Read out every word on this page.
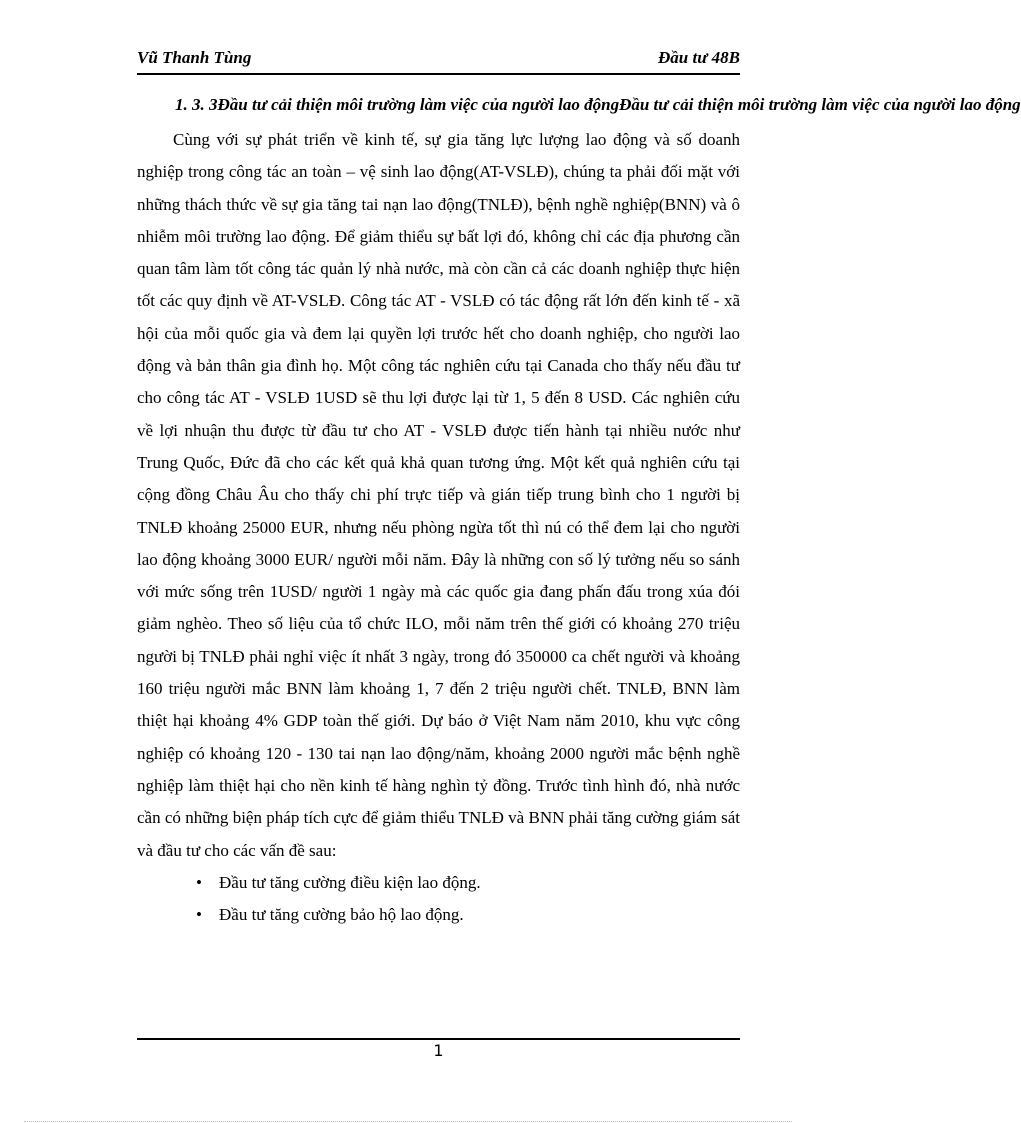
Vũ Thanh Tùng	Đầu tư 48B
1. 3. 3Đầu tư cải thiện môi trường làm việc của người lao độngĐầu tư cải thiện môi trường làm việc của người lao động

Cùng với sự phát triển về kinh tế, sự gia tăng lực lượng lao động và số doanh nghiệp trong công tác an toàn – vệ sinh lao động(AT-VSLĐ), chúng ta phải đối mặt với những thách thức về sự gia tăng tai nạn lao động(TNLĐ), bệnh nghề nghiệp(BNN) và ô nhiễm môi trường lao động. Để giảm thiểu sự bất lợi đó, không chỉ các địa phương cần quan tâm làm tốt công tác quản lý nhà nước, mà còn cần cả các doanh nghiệp thực hiện tốt các quy định về AT-VSLĐ. Công tác AT - VSLĐ có tác động rất lớn đến kinh tế - xã hội của mỗi quốc gia và đem lại quyền lợi trước hết cho doanh nghiệp, cho người lao động và bản thân gia đình họ. Một công tác nghiên cứu tại Canada cho thấy nếu đầu tư cho công tác AT - VSLĐ 1USD sẽ thu lợi được lại từ 1, 5 đến 8 USD. Các nghiên cứu về lợi nhuận thu được từ đầu tư cho AT - VSLĐ được tiến hành tại nhiều nước như Trung Quốc, Đức đã cho các kết quả khả quan tương ứng. Một kết quả nghiên cứu tại cộng đồng Châu Âu cho thấy chi phí trực tiếp và gián tiếp trung bình cho 1 người bị TNLĐ khoảng 25000 EUR, nhưng nếu phòng ngừa tốt thì nú có thể đem lại cho người lao động khoảng 3000 EUR/ người mỗi năm. Đây là những con số lý tưởng nếu so sánh với mức sống trên 1USD/ người 1 ngày mà các quốc gia đang phấn đấu trong xúa đói giảm nghèo. Theo số liệu của tổ chức ILO, mỗi năm trên thế giới có khoảng 270 triệu người bị TNLĐ phải nghỉ việc ít nhất 3 ngày, trong đó 350000 ca chết người và khoảng 160 triệu người mắc BNN làm khoảng 1, 7 đến 2 triệu người chết. TNLĐ, BNN làm thiệt hại khoảng 4% GDP toàn thế giới. Dự báo ở Việt Nam năm 2010, khu vực công nghiệp có khoảng 120 - 130 tai nạn lao động/năm, khoảng 2000 người mắc bệnh nghề nghiệp làm thiệt hại cho nền kinh tế hàng nghìn tỷ đồng. Trước tình hình đó, nhà nước cần có những biện pháp tích cực để giảm thiểu TNLĐ và BNN phải tăng cường giám sát và đầu tư cho các vấn đề sau:

• Đầu tư tăng cường điều kiện lao động.
• Đầu tư tăng cường bảo hộ lao động.
1
